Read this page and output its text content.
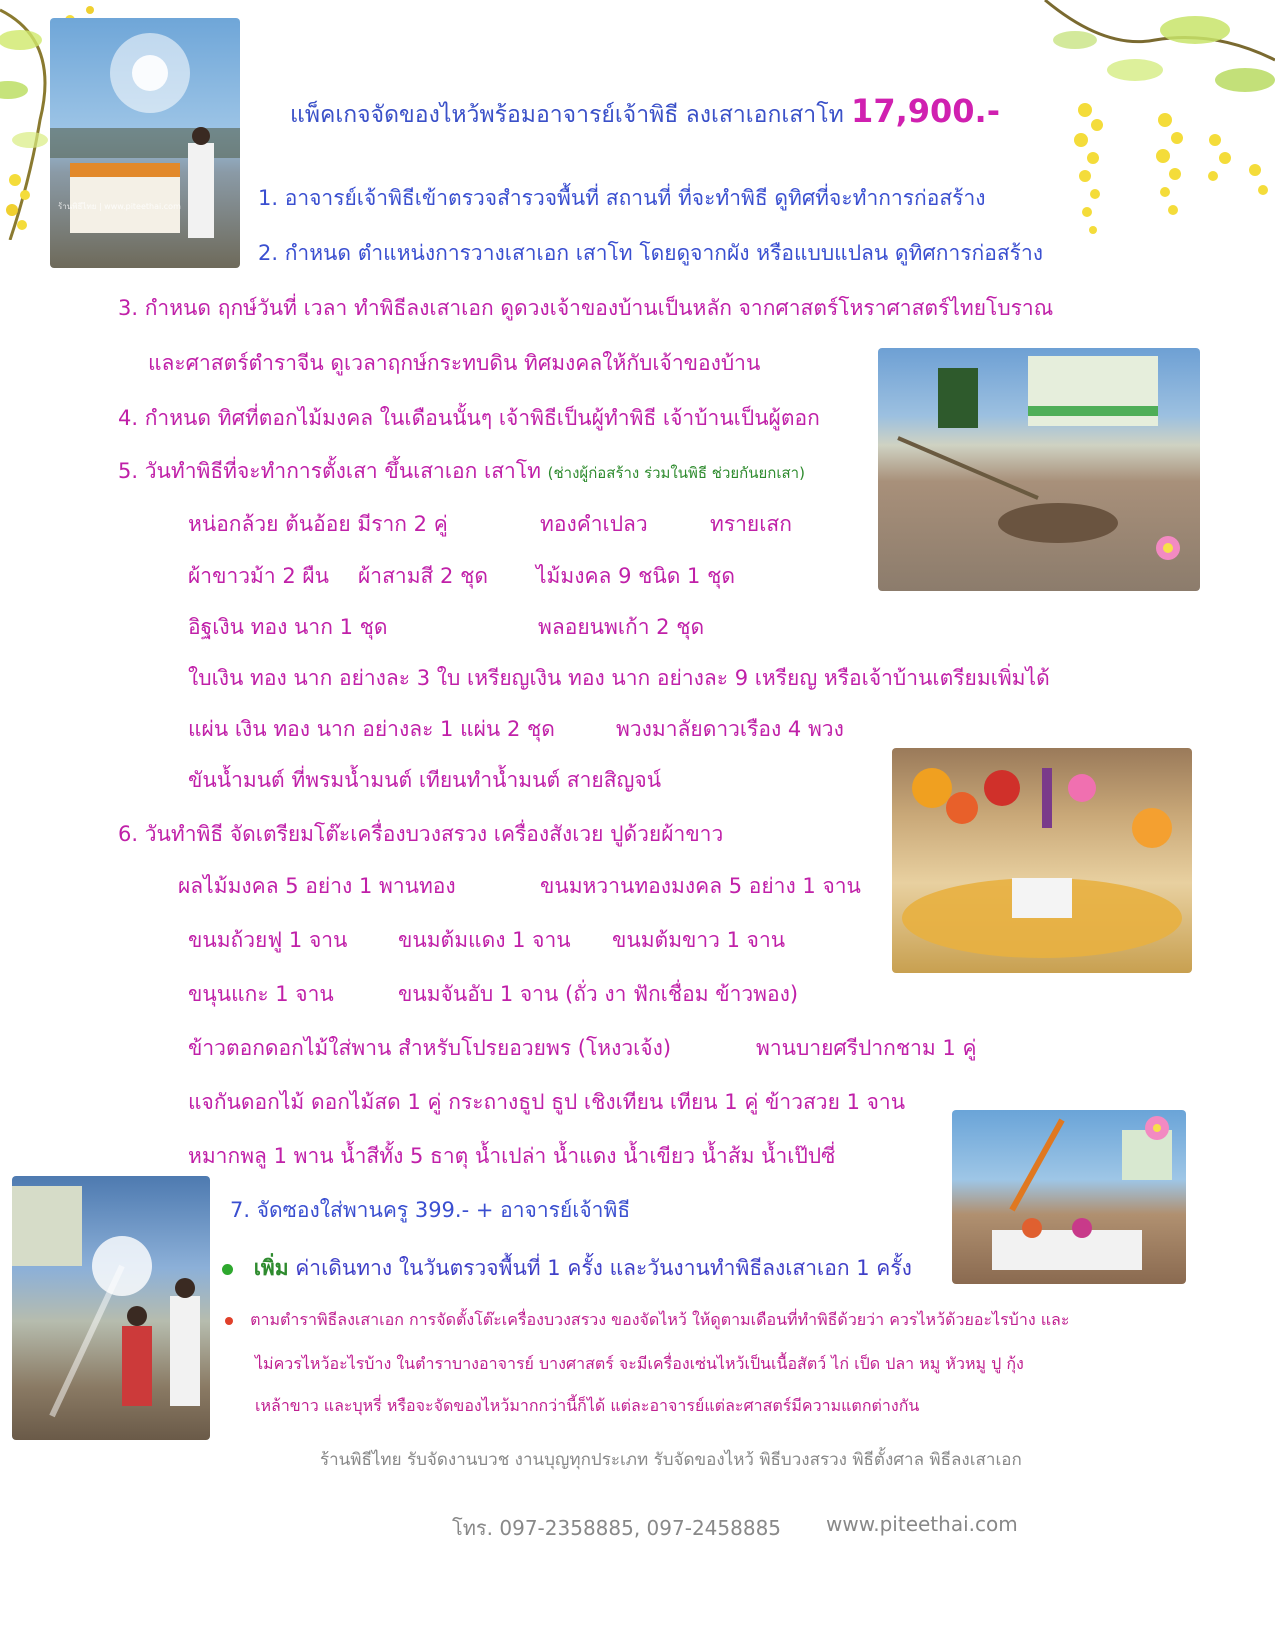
ร้านพิธีไทย | www.piteethai.com
แพ็คเกจจัดของไหว้พร้อมอาจารย์เจ้าพิธี ลงเสาเอกเสาโท 17,900.-
1. อาจารย์เจ้าพิธีเข้าตรวจสำรวจพื้นที่ สถานที่ ที่จะทำพิธี ดูทิศที่จะทำการก่อสร้าง
2. กำหนด ตำแหน่งการวางเสาเอก เสาโท โดยดูจากผัง หรือแบบแปลน ดูทิศการก่อสร้าง
3. กำหนด ฤกษ์วันที่ เวลา ทำพิธีลงเสาเอก ดูดวงเจ้าของบ้านเป็นหลัก จากศาสตร์โหราศาสตร์ไทยโบราณ
และศาสตร์ตำราจีน ดูเวลาฤกษ์กระทบดิน ทิศมงคลให้กับเจ้าของบ้าน
4. กำหนด ทิศที่ตอกไม้มงคล ในเดือนนั้นๆ เจ้าพิธีเป็นผู้ทำพิธี เจ้าบ้านเป็นผู้ตอก
5. วันทำพิธีที่จะทำการตั้งเสา ขึ้นเสาเอก เสาโท (ช่างผู้ก่อสร้าง ร่วมในพิธี ช่วยกันยกเสา)
หน่อกล้วย ต้นอ้อย มีราก 2 คู่	ทองคำเปลว	ทรายเสก
ผ้าขาวม้า 2 ผืน ผ้าสามสี 2 ชุด ไม้มงคล 9 ชนิด 1 ชุด
อิฐเงิน ทอง นาก 1 ชุด	พลอยนพเก้า 2 ชุด
ใบเงิน ทอง นาก อย่างละ 3 ใบ เหรียญเงิน ทอง นาก อย่างละ 9 เหรียญ หรือเจ้าบ้านเตรียมเพิ่มได้
แผ่น เงิน ทอง นาก อย่างละ 1 แผ่น 2 ชุด	พวงมาลัยดาวเรือง 4 พวง
ขันน้ำมนต์ ที่พรมน้ำมนต์ เทียนทำน้ำมนต์ สายสิญจน์
6. วันทำพิธี จัดเตรียมโต๊ะเครื่องบวงสรวง เครื่องสังเวย ปูด้วยผ้าขาว
ผลไม้มงคล 5 อย่าง 1 พานทอง	ขนมหวานทองมงคล 5 อย่าง 1 จาน
ขนมถ้วยฟู 1 จาน ขนมต้มแดง 1 จาน ขนมต้มขาว 1 จาน
ขนุนแกะ 1 จาน	ขนมจันอับ 1 จาน (ถั่ว งา ฟักเชื่อม ข้าวพอง)
ข้าวตอกดอกไม้ใส่พาน สำหรับโปรยอวยพร (โหงวเจ้ง)	พานบายศรีปากชาม 1 คู่
แจกันดอกไม้ ดอกไม้สด 1 คู่ กระถางธูป ธูป เชิงเทียน เทียน 1 คู่ ข้าวสวย 1 จาน
หมากพลู 1 พาน น้ำสีทั้ง 5 ธาตุ น้ำเปล่า น้ำแดง น้ำเขียว น้ำส้ม น้ำเป๊ปซี่
7. จัดซองใส่พานครู 399.- + อาจารย์เจ้าพิธี
เพิ่ม ค่าเดินทาง ในวันตรวจพื้นที่ 1 ครั้ง และวันงานทำพิธีลงเสาเอก 1 ครั้ง
ตามตำราพิธีลงเสาเอก การจัดตั้งโต๊ะเครื่องบวงสรวง ของจัดไหว้ ให้ดูตามเดือนที่ทำพิธีด้วยว่า ควรไหว้ด้วยอะไรบ้าง และ
ไม่ควรไหว้อะไรบ้าง ในตำราบางอาจารย์ บางศาสตร์ จะมีเครื่องเซ่นไหว้เป็นเนื้อสัตว์ ไก่ เป็ด ปลา หมู หัวหมู ปู กุ้ง
เหล้าขาว และบุหรี่ หรือจะจัดของไหว้มากกว่านี้ก็ได้ แต่ละอาจารย์แต่ละศาสตร์มีความแตกต่างกัน
ร้านพิธีไทย รับจัดงานบวช งานบุญทุกประเภท รับจัดของไหว้ พิธีบวงสรวง พิธีตั้งศาล พิธีลงเสาเอก
โทร. 097-2358885, 097-2458885 www.piteethai.com
